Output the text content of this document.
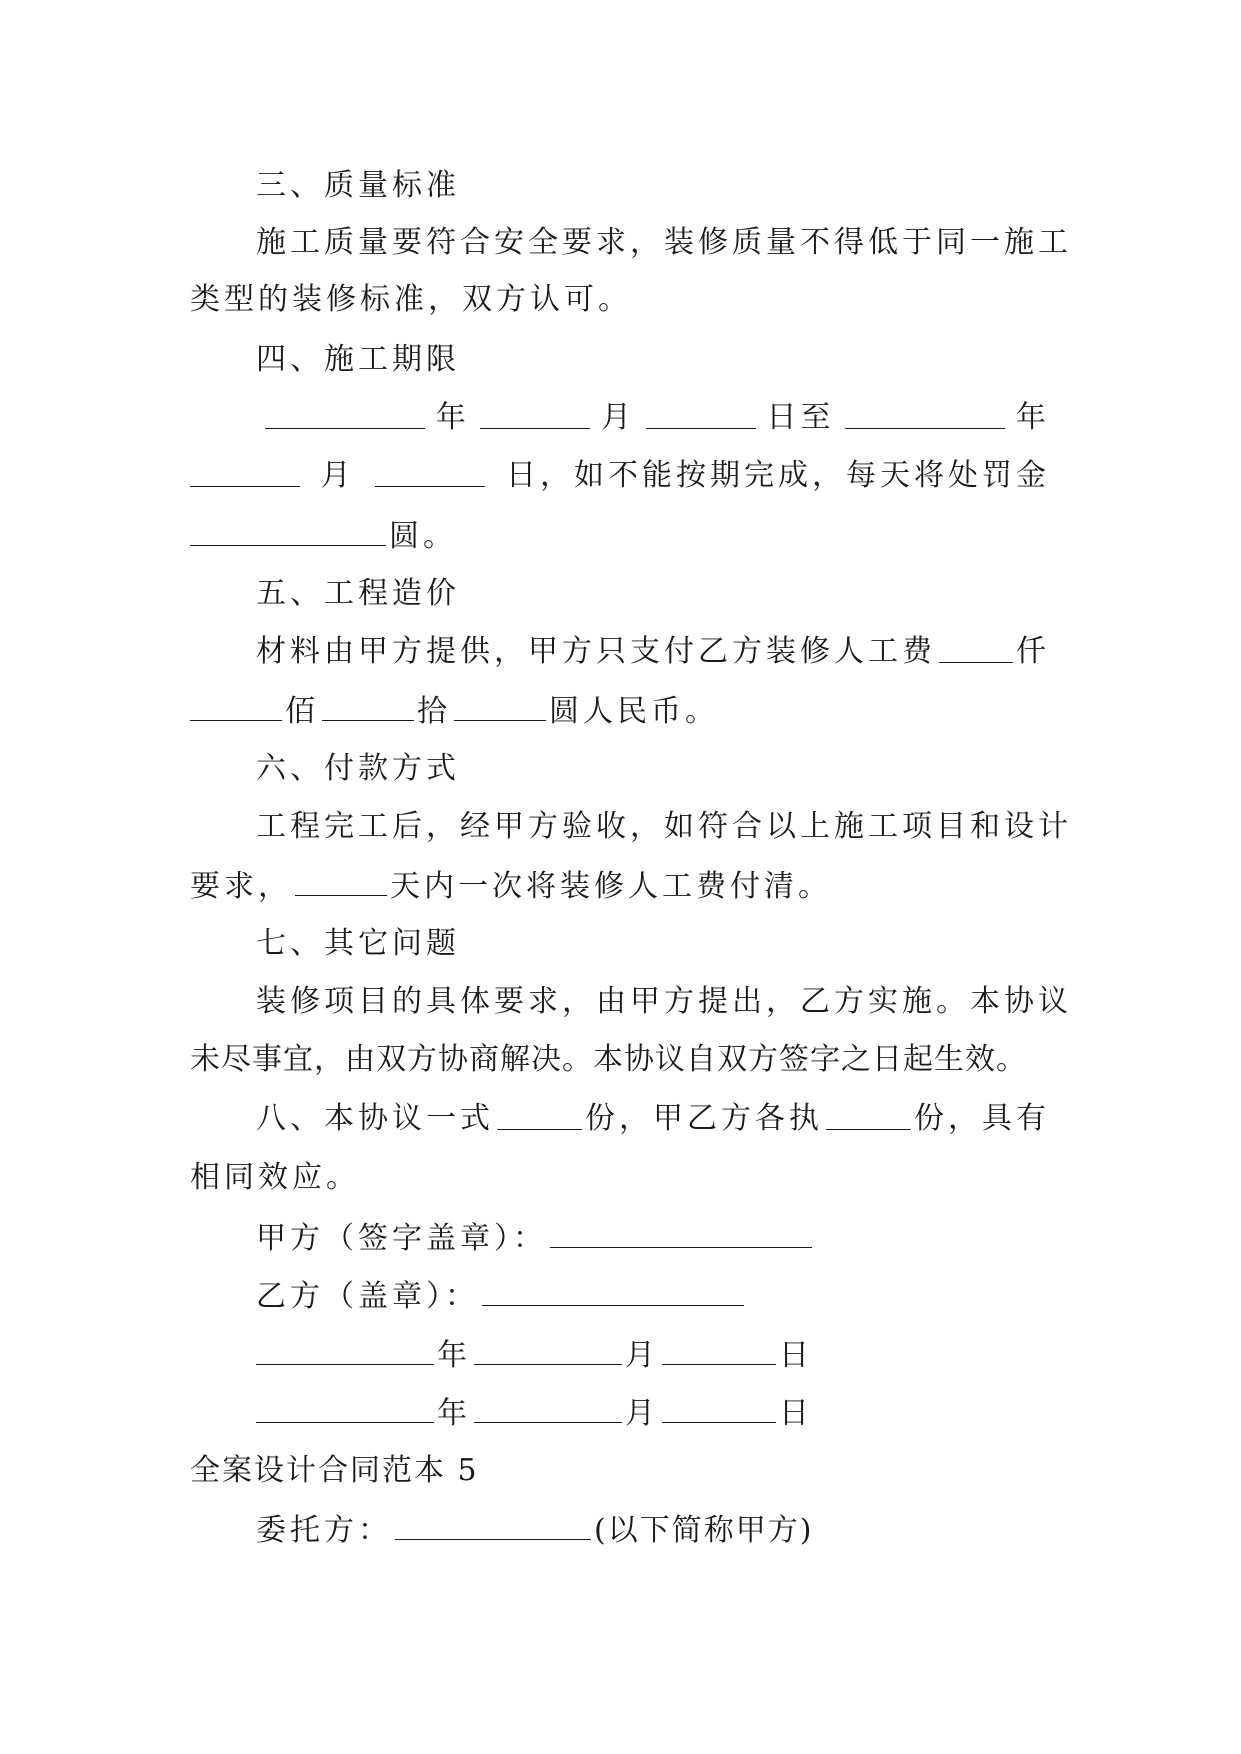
三、质量标准
施工质量要符合安全要求，装修质量不得低于同一施工
类型的装修标准，双方认可。
四、施工期限
年	月	日至	年
月	日，如不能按期完成，每天将处罚金
圆。
五、工程造价
材料由甲方提供，甲方只支付乙方装修人工费	仟
佰	拾	圆人民币。
六、付款方式
工程完工后，经甲方验收，如符合以上施工项目和设计
要求，	天内一次将装修人工费付清。
七、其它问题
装修项目的具体要求，由甲方提出，乙方实施。本协议
未尽事宜，由双方协商解决。本协议自双方签字之日起生效。
八、本协议一式	份，甲乙方各执	份，具有
相同效应。
甲方（签字盖章）：
乙方（盖章）：
年	月	日
年	月	日
全案设计合同范本 5
委托方：	(以下简称甲方)
